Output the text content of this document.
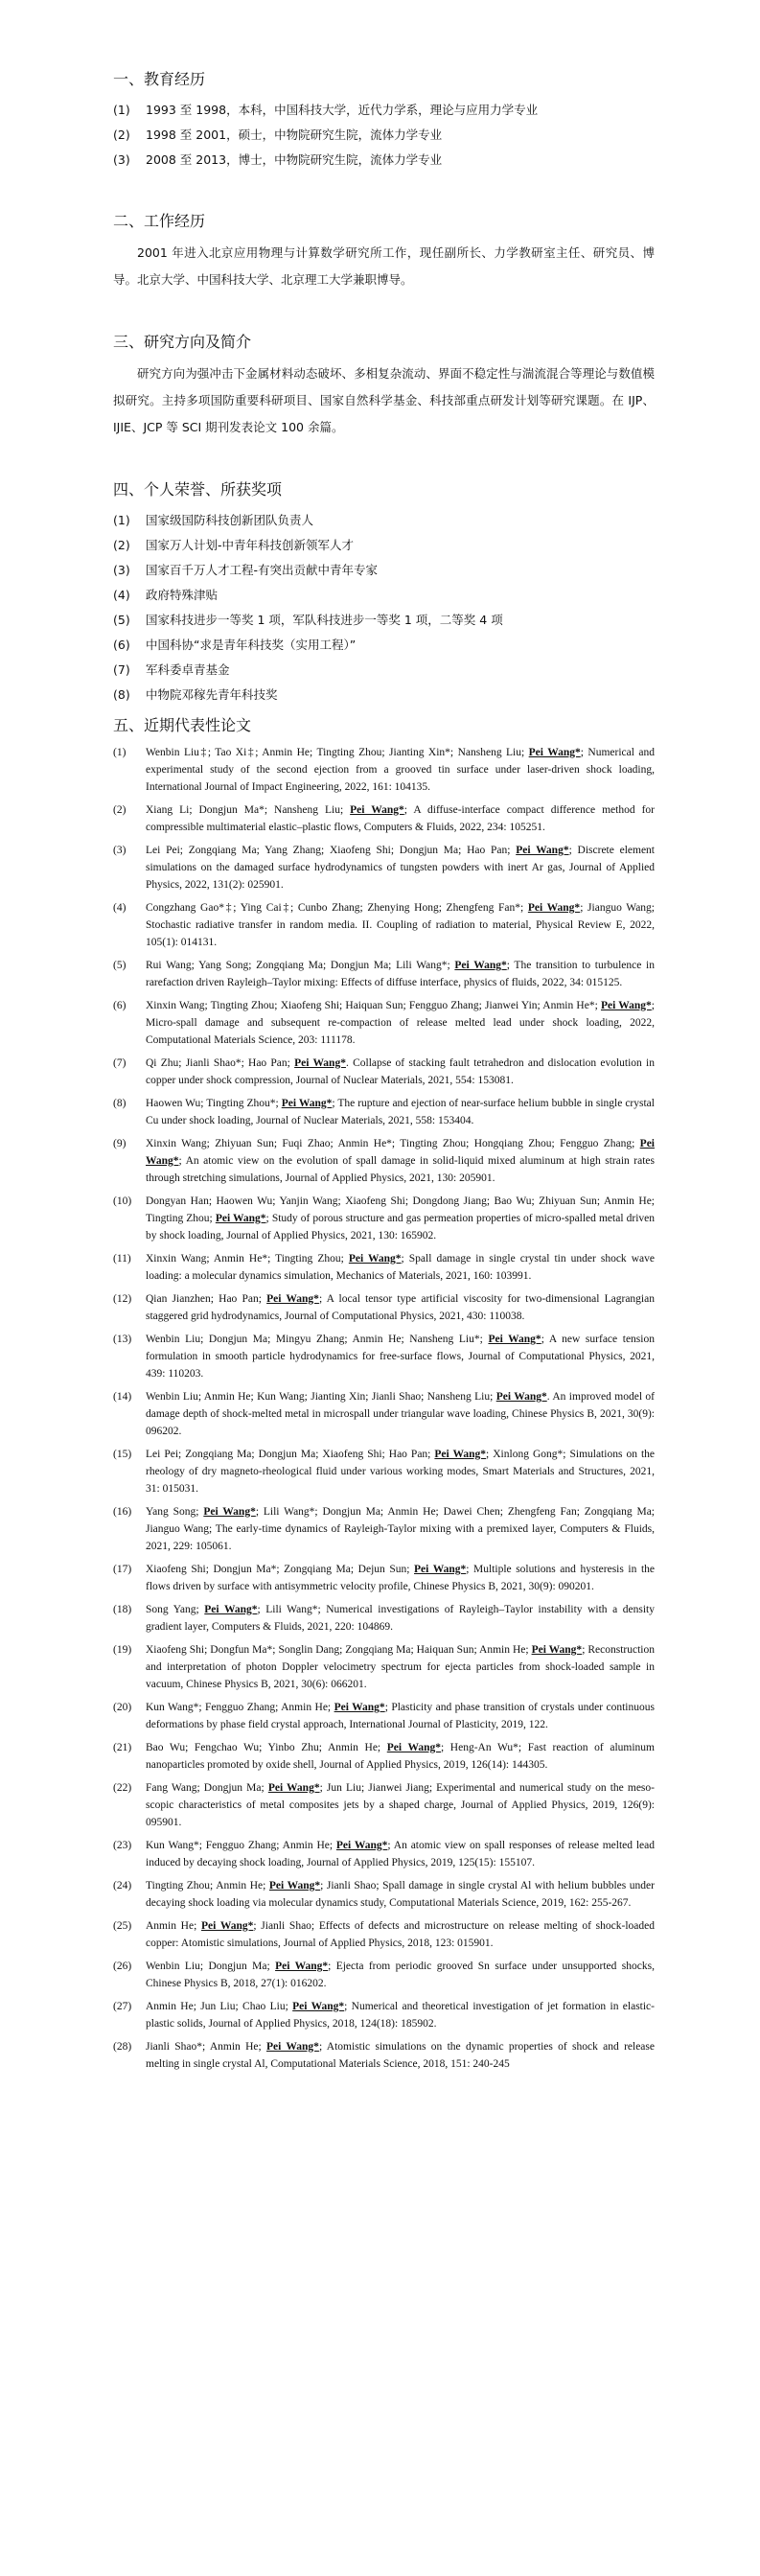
一、教育经历
(1)	1993 至 1998，本科，中国科技大学，近代力学系，理论与应用力学专业
(2)	1998 至 2001，硕士，中物院研究生院，流体力学专业
(3)	2008 至 2013，博士，中物院研究生院，流体力学专业
二、工作经历

2001 年进入北京应用物理与计算数学研究所工作，现任副所长、力学教研室主任、研究员、博导。北京大学、中国科技大学、北京理工大学兼职博导。

三、研究方向及简介

研究方向为强冲击下金属材料动态破坏、多相复杂流动、界面不稳定性与湍流混合等理论与数值模拟研究。主持多项国防重要科研项目、国家自然科学基金、科技部重点研发计划等研究课题。在 IJP、IJIE、JCP 等 SCI 期刊发表论文 100 余篇。

四、个人荣誉、所获奖项
(1)	国家级国防科技创新团队负责人
(2)	国家万人计划-中青年科技创新领军人才
(3)	国家百千万人才工程-有突出贡献中青年专家
(4)	政府特殊津贴
(5)	国家科技进步一等奖 1 项，军队科技进步一等奖 1 项，二等奖 4 项
(6)	中国科协“求是青年科技奖（实用工程）”
(7)	军科委卓青基金
(8)	中物院邓稼先青年科技奖
五、近期代表性论文
(1)	Wenbin Liu‡; Tao Xi‡; Anmin He; Tingting Zhou; Jianting Xin*; Nansheng Liu; Pei Wang*; Numerical and experimental study of the second ejection from a grooved tin surface under laser-driven shock loading, International Journal of Impact Engineering, 2022, 161: 104135.
(2)	Xiang Li; Dongjun Ma*; Nansheng Liu; Pei Wang*; A diffuse-interface compact difference method for compressible multimaterial elastic–plastic flows, Computers & Fluids, 2022, 234: 105251.
(3)	Lei Pei; Zongqiang Ma; Yang Zhang; Xiaofeng Shi; Dongjun Ma; Hao Pan; Pei Wang*; Discrete element simulations on the damaged surface hydrodynamics of tungsten powders with inert Ar gas, Journal of Applied Physics, 2022, 131(2): 025901.
(4)	Congzhang Gao*‡; Ying Cai‡; Cunbo Zhang; Zhenying Hong; Zhengfeng Fan*; Pei Wang*; Jianguo Wang; Stochastic radiative transfer in random media. II. Coupling of radiation to material, Physical Review E, 2022, 105(1): 014131.
(5)	Rui Wang; Yang Song; Zongqiang Ma; Dongjun Ma; Lili Wang*; Pei Wang*; The transition to turbulence in rarefaction driven Rayleigh–Taylor mixing: Effects of diffuse interface, physics of fluids, 2022, 34: 015125.
(6)	Xinxin Wang; Tingting Zhou; Xiaofeng Shi; Haiquan Sun; Fengguo Zhang; Jianwei Yin; Anmin He*; Pei Wang*; Micro-spall damage and subsequent re-compaction of release melted lead under shock loading, 2022, Computational Materials Science, 203: 111178.
(7)	Qi Zhu; Jianli Shao*; Hao Pan; Pei Wang*. Collapse of stacking fault tetrahedron and dislocation evolution in copper under shock compression, Journal of Nuclear Materials, 2021, 554: 153081.
(8)	Haowen Wu; Tingting Zhou*; Pei Wang*; The rupture and ejection of near-surface helium bubble in single crystal Cu under shock loading, Journal of Nuclear Materials, 2021, 558: 153404.
(9)	Xinxin Wang; Zhiyuan Sun; Fuqi Zhao; Anmin He*; Tingting Zhou; Hongqiang Zhou; Fengguo Zhang; Pei Wang*; An atomic view on the evolution of spall damage in solid-liquid mixed aluminum at high strain rates through stretching simulations, Journal of Applied Physics, 2021, 130: 205901.
(10)	Dongyan Han; Haowen Wu; Yanjin Wang; Xiaofeng Shi; Dongdong Jiang; Bao Wu; Zhiyuan Sun; Anmin He; Tingting Zhou; Pei Wang*; Study of porous structure and gas permeation properties of micro-spalled metal driven by shock loading, Journal of Applied Physics, 2021, 130: 165902.
(11)	Xinxin Wang; Anmin He*; Tingting Zhou; Pei Wang*; Spall damage in single crystal tin under shock wave loading: a molecular dynamics simulation, Mechanics of Materials, 2021, 160: 103991.
(12)	Qian Jianzhen; Hao Pan; Pei Wang*; A local tensor type artificial viscosity for two-dimensional Lagrangian staggered grid hydrodynamics, Journal of Computational Physics, 2021, 430: 110038.
(13)	Wenbin Liu; Dongjun Ma; Mingyu Zhang; Anmin He; Nansheng Liu*; Pei Wang*; A new surface tension formulation in smooth particle hydrodynamics for free-surface flows, Journal of Computational Physics, 2021, 439: 110203.
(14)	Wenbin Liu; Anmin He; Kun Wang; Jianting Xin; Jianli Shao; Nansheng Liu; Pei Wang*. An improved model of damage depth of shock-melted metal in microspall under triangular wave loading, Chinese Physics B, 2021, 30(9): 096202.
(15)	Lei Pei; Zongqiang Ma; Dongjun Ma; Xiaofeng Shi; Hao Pan; Pei Wang*; Xinlong Gong*; Simulations on the rheology of dry magneto-rheological fluid under various working modes, Smart Materials and Structures, 2021, 31: 015031.
(16)	Yang Song; Pei Wang*; Lili Wang*; Dongjun Ma; Anmin He; Dawei Chen; Zhengfeng Fan; Zongqiang Ma; Jianguo Wang; The early-time dynamics of Rayleigh-Taylor mixing with a premixed layer, Computers & Fluids, 2021, 229: 105061.
(17)	Xiaofeng Shi; Dongjun Ma*; Zongqiang Ma; Dejun Sun; Pei Wang*; Multiple solutions and hysteresis in the flows driven by surface with antisymmetric velocity profile, Chinese Physics B, 2021, 30(9): 090201.
(18)	Song Yang; Pei Wang*; Lili Wang*; Numerical investigations of Rayleigh–Taylor instability with a density gradient layer, Computers & Fluids, 2021, 220: 104869.
(19)	Xiaofeng Shi; Dongfun Ma*; Songlin Dang; Zongqiang Ma; Haiquan Sun; Anmin He; Pei Wang*; Reconstruction and interpretation of photon Doppler velocimetry spectrum for ejecta particles from shock-loaded sample in vacuum, Chinese Physics B, 2021, 30(6): 066201.
(20)	Kun Wang*; Fengguo Zhang; Anmin He; Pei Wang*; Plasticity and phase transition of crystals under continuous deformations by phase field crystal approach, International Journal of Plasticity, 2019, 122.
(21)	Bao Wu; Fengchao Wu; Yinbo Zhu; Anmin He; Pei Wang*; Heng-An Wu*; Fast reaction of aluminum nanoparticles promoted by oxide shell, Journal of Applied Physics, 2019, 126(14): 144305.
(22)	Fang Wang; Dongjun Ma; Pei Wang*; Jun Liu; Jianwei Jiang; Experimental and numerical study on the meso-scopic characteristics of metal composites jets by a shaped charge, Journal of Applied Physics, 2019, 126(9): 095901.
(23)	Kun Wang*; Fengguo Zhang; Anmin He; Pei Wang*; An atomic view on spall responses of release melted lead induced by decaying shock loading, Journal of Applied Physics, 2019, 125(15): 155107.
(24)	Tingting Zhou; Anmin He; Pei Wang*; Jianli Shao; Spall damage in single crystal Al with helium bubbles under decaying shock loading via molecular dynamics study, Computational Materials Science, 2019, 162: 255-267.
(25)	Anmin He; Pei Wang*; Jianli Shao; Effects of defects and microstructure on release melting of shock-loaded copper: Atomistic simulations, Journal of Applied Physics, 2018, 123: 015901.
(26)	Wenbin Liu; Dongjun Ma; Pei Wang*; Ejecta from periodic grooved Sn surface under unsupported shocks, Chinese Physics B, 2018, 27(1): 016202.
(27)	Anmin He; Jun Liu; Chao Liu; Pei Wang*; Numerical and theoretical investigation of jet formation in elastic-plastic solids, Journal of Applied Physics, 2018, 124(18): 185902.
(28)	Jianli Shao*; Anmin He; Pei Wang*; Atomistic simulations on the dynamic properties of shock and release melting in single crystal Al, Computational Materials Science, 2018, 151: 240-245
